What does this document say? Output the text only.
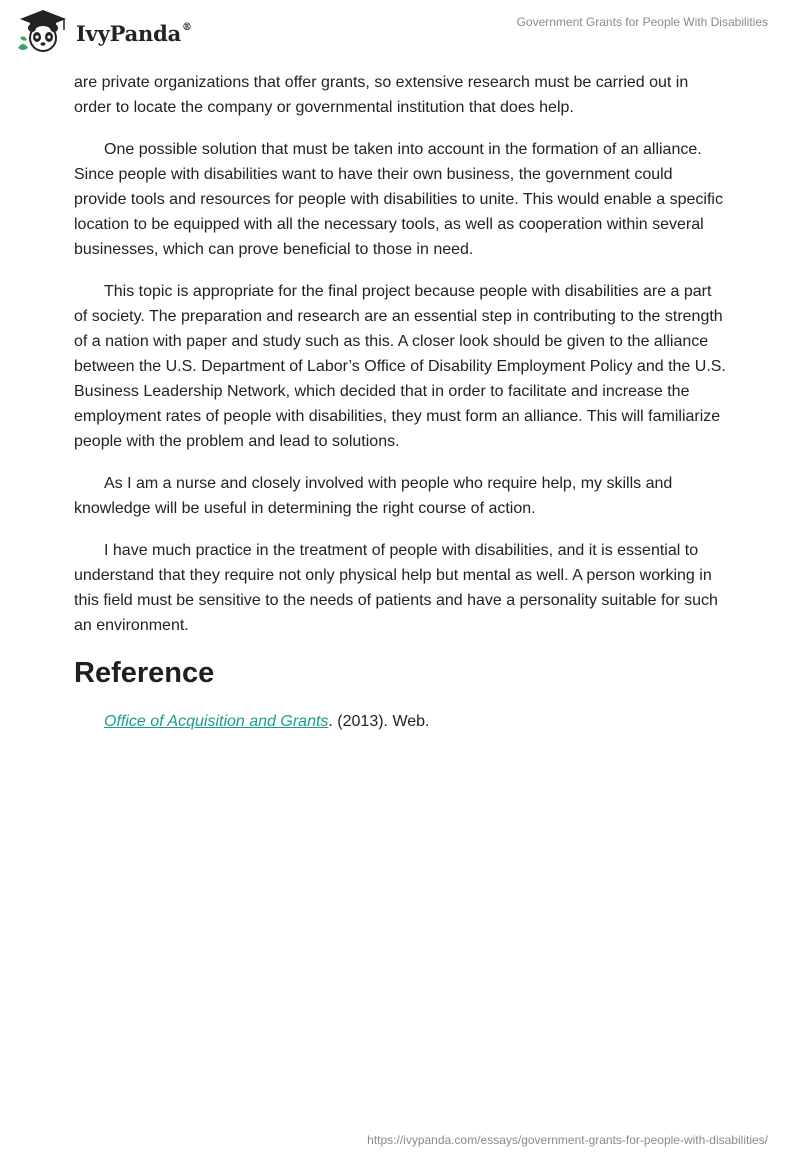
IvyPanda®	Government Grants for People With Disabilities

are private organizations that offer grants, so extensive research must be carried out in order to locate the company or governmental institution that does help.

One possible solution that must be taken into account in the formation of an alliance. Since people with disabilities want to have their own business, the government could provide tools and resources for people with disabilities to unite. This would enable a specific location to be equipped with all the necessary tools, as well as cooperation within several businesses, which can prove beneficial to those in need.

This topic is appropriate for the final project because people with disabilities are a part of society. The preparation and research are an essential step in contributing to the strength of a nation with paper and study such as this. A closer look should be given to the alliance between the U.S. Department of Labor’s Office of Disability Employment Policy and the U.S. Business Leadership Network, which decided that in order to facilitate and increase the employment rates of people with disabilities, they must form an alliance. This will familiarize people with the problem and lead to solutions.

As I am a nurse and closely involved with people who require help, my skills and knowledge will be useful in determining the right course of action.

I have much practice in the treatment of people with disabilities, and it is essential to understand that they require not only physical help but mental as well. A person working in this field must be sensitive to the needs of patients and have a personality suitable for such an environment.

Reference
Office of Acquisition and Grants. (2013). Web.
https://ivypanda.com/essays/government-grants-for-people-with-disabilities/
